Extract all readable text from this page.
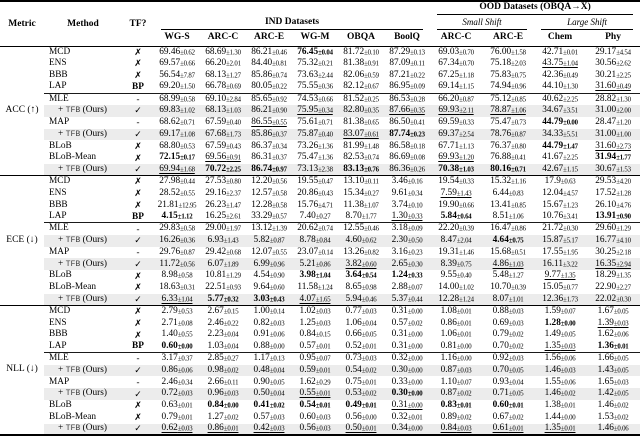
Metric	Method	TF?	IND Datasets						OOD Datasets (OBQA→X)			

									Small Shift		Large Shift	

			WG-S	ARC-C	ARC-E	WG-M	OBQA	BoolQ	ARC-C	ARC-E	Chem	Phy
ACC (↑)	MCD	✗	69.46±0.62	68.69±1.30	86.21±0.46	76.45±0.04	81.72±0.10	87.29±0.13	69.03±0.70	76.00±1.58	42.71±0.01	29.17±4.54
	ENS	✗	69.57±0.66	66.20±2.01	84.40±0.81	75.32±0.21	81.38±0.91	87.09±0.11	67.34±0.70	75.18±2.03	43.75±1.04	30.56±2.62
	BBB	✗	56.54±7.87	68.13±1.27	85.86±0.74	73.63±2.44	82.06±0.59	87.21±0.22	67.25±1.18	75.83±0.75	42.36±0.49	30.21±2.25
	LAP	BP	69.20±1.50	66.78±0.69	80.05±0.22	75.55±0.36	82.12±0.67	86.95±0.09	69.14±1.15	74.94±0.96	44.10±1.30	31.60±0.49
	MLE	-	68.99±0.58	69.10±2.84	85.65±0.92	74.53±0.66	81.52±0.25	86.53±0.28	66.20±0.87	75.12±0.85	40.62±2.25	28.82±1.30
	+ TFB (Ours)	✓	69.83±1.02	68.13±1.03	86.21±0.90	75.95±0.34	82.80±0.35	87.66±0.35	69.93±2.11	78.87±1.06	34.67±3.51	31.00±2.00
	MAP	-	68.62±0.71	67.59±0.40	86.55±0.55	75.61±0.71	81.38±0.65	86.50±0.41	69.59±0.33	75.47±0.73	44.79±0.00	28.47±1.20
	+ TFB (Ours)	✓	69.17±1.08	67.68±1.73	85.86±0.37	75.87±0.40	83.07±0.61	87.74±0.23	69.37±2.54	78.76±0.87	34.33±5.51	31.00±1.00
	BLoB	✗	68.80±0.53	67.59±0.43	86.37±0.34	73.26±1.36	81.99±1.48	86.58±0.18	67.71±1.13	76.37±0.80	44.79±1.47	31.60±2.73
	BLoB-Mean	✗	72.15±0.17	69.56±0.91	86.31±0.37	75.47±1.36	82.53±0.74	86.69±0.08	69.93±1.20	76.88±0.41	41.67±2.25	31.94±1.77
	+ TFB (Ours)	✓	69.94±1.68	70.72±2.25	86.74±0.97	73.13±2.38	83.13±0.76	86.36±0.26	70.38±1.03	80.16±0.71	42.67±1.15	30.67±1.53
ECE (↓)	MCD	✗	27.98±0.44	27.53±0.80	12.20±0.56	19.55±0.47	13.10±0.11	3.46±0.16	19.54±0.33	15.32±1.16	17.9±0.63	29.53±4.20
	ENS	✗	28.52±0.55	29.16±2.37	12.57±0.58	20.86±0.43	15.34±0.27	9.61±0.34	7.59±1.43	6.44±0.83	12.04±4.57	17.52±1.28
	BBB	✗	21.81±12.95	26.23±1.47	12.28±0.58	15.76±4.71	11.38±1.07	3.74±0.10	19.90±0.66	13.41±0.85	15.67±1.23	26.10±4.76
	LAP	BP	4.15±1.12	16.25±2.61	33.29±0.57	7.40±0.27	8.70±1.77	1.30±0.33	5.84±0.64	8.51±1.06	10.76±3.41	13.91±0.90
	MLE	-	29.83±0.58	29.00±1.97	13.12±1.39	20.62±0.74	12.55±0.46	3.18±0.09	22.20±0.39	16.47±0.86	21.72±0.30	29.60±1.29
	+ TFB (Ours)	✓	16.26±0.36	6.93±1.43	5.82±0.87	8.78±0.84	4.60±0.62	2.30±0.50	8.47±2.04	4.64±0.75	15.87±5.17	16.77±4.10
	MAP	-	29.76±0.87	29.42±0.68	12.07±0.55	23.07±0.14	13.26±0.82	3.16±0.23	19.31±1.46	15.68±0.51	17.55±1.95	30.25±2.18
	+ TFB (Ours)	✓	11.72±0.56	6.07±1.89	6.99±0.96	5.21±0.86	3.82±0.60	2.65±0.30	8.39±0.75	4.86±1.03	16.11±3.22	16.35±2.94
	BLoB	✗	8.98±0.58	10.81±1.29	4.54±0.90	3.98±1.04	3.64±0.54	1.24±0.33	9.55±0.40	5.48±1.27	9.77±1.35	18.29±1.35
	BLoB-Mean	✗	18.63±0.31	22.51±0.93	9.64±0.60	11.58±1.24	8.65±0.98	2.88±0.07	14.00±1.02	10.70±0.39	15.05±0.77	22.90±2.27
	+ TFB (Ours)	✓	6.33±1.04	5.77±0.32	3.03±0.43	4.07±1.65	5.94±0.46	5.37±0.44	12.28±1.24	8.07±1.01	12.36±1.73	22.02±0.30
NLL (↓)	MCD	✗	2.79±0.53	2.67±0.15	1.00±0.14	1.02±0.03	0.77±0.03	0.31±0.00	1.08±0.01	0.88±0.03	1.59±0.07	1.67±0.05
	ENS	✗	2.71±0.08	2.46±0.22	0.82±0.03	1.25±0.03	1.06±0.04	0.57±0.02	0.86±0.01	0.69±0.03	1.28±0.00	1.39±0.03
	BBB	✗	1.40±0.55	2.23±0.04	0.91±0.06	0.84±0.15	0.66±0.05	0.31±0.00	1.06±0.01	0.79±0.02	1.49±0.05	1.62±0.06
	LAP	BP	0.60±0.00	1.03±0.04	0.88±0.00	0.57±0.01	0.52±0.01	0.31±0.00	0.81±0.00	0.70±0.02	1.35±0.03	1.36±0.01
	MLE	-	3.17±0.37	2.85±0.27	1.17±0.13	0.95±0.07	0.73±0.03	0.32±0.00	1.16±0.00	0.92±0.03	1.56±0.06	1.66±0.05
	+ TFB (Ours)	✓	0.86±0.06	0.98±0.02	0.48±0.04	0.59±0.01	0.54±0.02	0.30±0.00	0.87±0.03	0.70±0.05	1.46±0.03	1.43±0.05
	MAP	-	2.46±0.34	2.66±0.11	0.90±0.05	1.62±0.29	0.75±0.01	0.33±0.00	1.10±0.07	0.93±0.04	1.55±0.06	1.65±0.03
	+ TFB (Ours)	✓	0.72±0.03	0.96±0.03	0.50±0.04	0.55±0.01	0.53±0.02	0.30±0.00	0.87±0.02	0.71±0.05	1.46±0.02	1.42±0.05
	BLoB	✗	0.63±0.01	0.84±0.00	0.41±0.02	0.54±0.01	0.49±0.01	0.31±0.00	0.83±0.01	0.60±0.01	1.38±0.01	1.46±0.02
	BLoB-Mean	✗	0.79±0.01	1.27±0.02	0.57±0.03	0.60±0.03	0.56±0.00	0.32±0.01	0.89±0.02	0.67±0.02	1.44±0.00	1.53±0.02
	+ TFB (Ours)	✓	0.62±0.03	0.86±0.01	0.42±0.03	0.56±0.03	0.50±0.01	0.34±0.00	0.84±0.03	0.61±0.01	1.35±0.01	1.46±0.06
